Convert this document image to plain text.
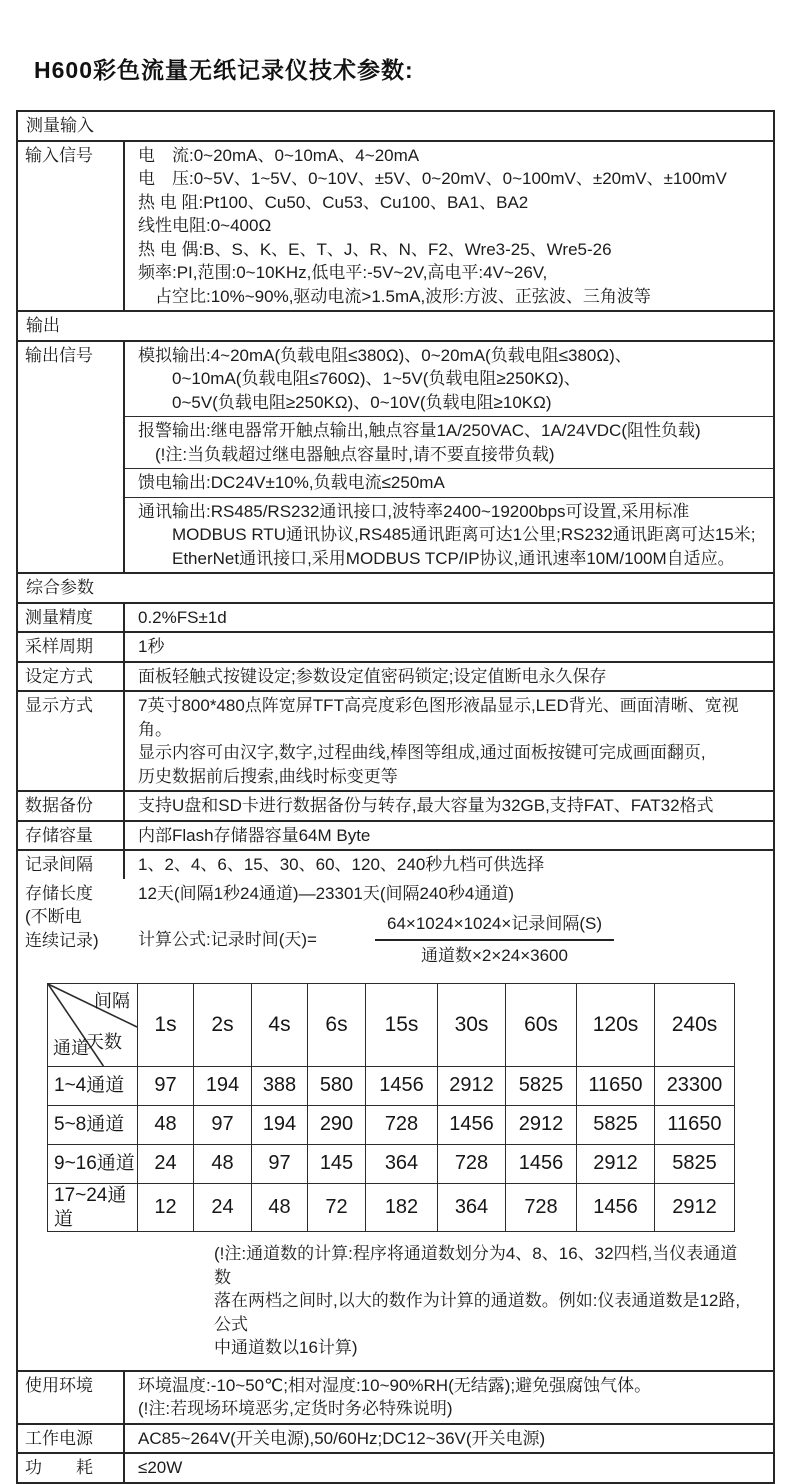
H600彩色流量无纸记录仪技术参数:
测量输入
输入信号	电　流:0~20mA、0~10mA、4~20mA
电　压:0~5V、1~5V、0~10V、±5V、0~20mV、0~100mV、±20mV、±100mV
热 电 阻:Pt100、Cu50、Cu53、Cu100、BA1、BA2
线性电阻:0~400Ω
热 电 偶:B、S、K、E、T、J、R、N、F2、Wre3-25、Wre5-26
频率:PI,范围:0~10KHz,低电平:-5V~2V,高电平:4V~26V,
　占空比:10%~90%,驱动电流>1.5mA,波形:方波、正弦波、三角波等
输出
输出信号	模拟输出:4~20mA(负载电阻≤380Ω)、0~20mA(负载电阻≤380Ω)、
　　0~10mA(负载电阻≤760Ω)、1~5V(负载电阻≥250KΩ)、
　　0~5V(负载电阻≥250KΩ)、0~10V(负载电阻≥10KΩ)
报警输出:继电器常开触点输出,触点容量1A/250VAC、1A/24VDC(阻性负载)
　(!注:当负载超过继电器触点容量时,请不要直接带负载)
馈电输出:DC24V±10%,负载电流≤250mA
通讯输出:RS485/RS232通讯接口,波特率2400~19200bps可设置,采用标准
　　MODBUS RTU通讯协议,RS485通讯距离可达1公里;RS232通讯距离可达15米;
　　EtherNet通讯接口,采用MODBUS TCP/IP协议,通讯速率10M/100M自适应。
综合参数
测量精度	0.2%FS±1d
采样周期	1秒
设定方式	面板轻触式按键设定;参数设定值密码锁定;设定值断电永久保存
显示方式	7英寸800*480点阵宽屏TFT高亮度彩色图形液晶显示,LED背光、画面清晰、宽视角。
显示内容可由汉字,数字,过程曲线,棒图等组成,通过面板按键可完成画面翻页,
历史数据前后搜索,曲线时标变更等
数据备份	支持U盘和SD卡进行数据备份与转存,最大容量为32GB,支持FAT、FAT32格式
存储容量	内部Flash存储器容量64M Byte
记录间隔	1、2、4、6、15、30、60、120、240秒九档可供选择
存储长度
(不断电
连续记录)
12天(间隔1秒24通道)—23301天(间隔240秒4通道)
计算公式:记录时间(天)=	$\frac{\text{64×1024×1024×记录间隔(S)}}{\text{通道数×2×24×3600}}$
间隔
天数
通道	1s	2s	4s	6s	15s	30s	60s	120s	240s
1~4通道	97	194	388	580	1456	2912	5825	11650	23300
5~8通道	48	97	194	290	728	1456	2912	5825	11650
9~16通道	24	48	97	145	364	728	1456	2912	5825
17~24通道	12	24	48	72	182	364	728	1456	2912
(!注:通道数的计算:程序将通道数划分为4、8、16、32四档,当仪表通道数
落在两档之间时,以大的数作为计算的通道数。例如:仪表通道数是12路,公式
中通道数以16计算)
使用环境	环境温度:-10~50℃;相对湿度:10~90%RH(无结露);避免强腐蚀气体。
(!注:若现场环境恶劣,定货时务必特殊说明)
工作电源	AC85~264V(开关电源),50/60Hz;DC12~36V(开关电源)
功　　耗	≤20W
